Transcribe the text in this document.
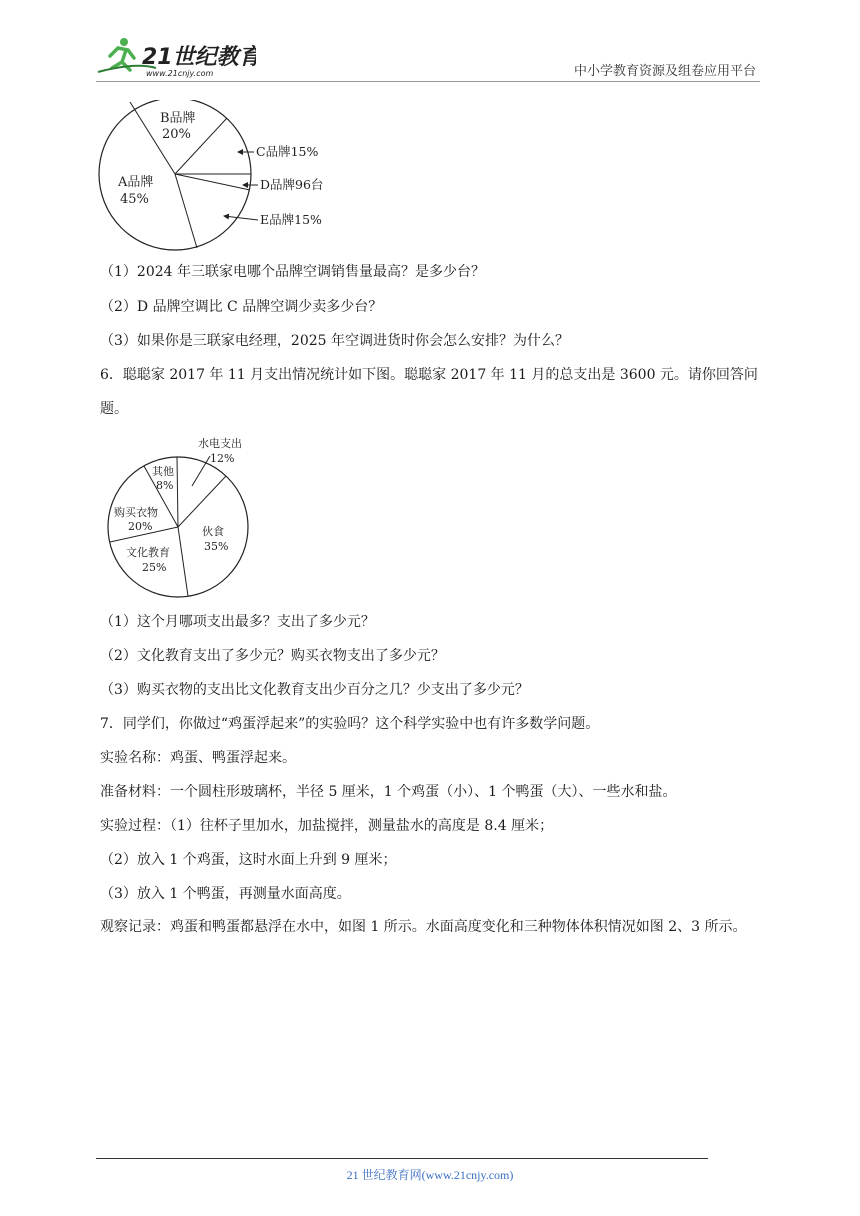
21世纪教育
www.21cnjy.com	中小学教育资源及组卷应用平台
B品牌
20%
A品牌
45%
C品牌15%
D品牌96台
E品牌15%
（1）2024 年三联家电哪个品牌空调销售量最高？是多少台？
（2）D 品牌空调比 C 品牌空调少卖多少台？
（3）如果你是三联家电经理，2025 年空调进货时你会怎么安排？为什么？
6．聪聪家 2017 年 11 月支出情况统计如下图。聪聪家 2017 年 11 月的总支出是 3600 元。请你回答问题。
水电支出
12%
其他
8%
购买衣物
20%	伙食
35%
文化教育
25%
（1）这个月哪项支出最多？支出了多少元？
（2）文化教育支出了多少元？购买衣物支出了多少元？
（3）购买衣物的支出比文化教育支出少百分之几？少支出了多少元？
7．同学们，你做过“鸡蛋浮起来”的实验吗？这个科学实验中也有许多数学问题。
实验名称：鸡蛋、鸭蛋浮起来。
准备材料：一个圆柱形玻璃杯，半径 5 厘米，1 个鸡蛋（小）、1 个鸭蛋（大）、一些水和盐。
实验过程：（1）往杯子里加水，加盐搅拌，测量盐水的高度是 8.4 厘米；
（2）放入 1 个鸡蛋，这时水面上升到 9 厘米；
（3）放入 1 个鸭蛋，再测量水面高度。
观察记录：鸡蛋和鸭蛋都悬浮在水中，如图 1 所示。水面高度变化和三种物体体积情况如图 2、3 所示。
21 世纪教育网(www.21cnjy.com)
